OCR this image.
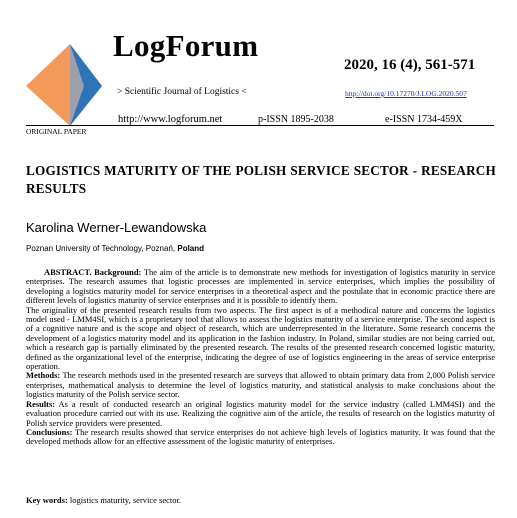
LogForum
> Scientific Journal of Logistics <
2020, 16 (4), 561-571
http://doi.org/10.17270/J.LOG.2020.507
http://www.logforum.net	p-ISSN 1895-2038	e-ISSN 1734-459X
ORIGINAL PAPER
LOGISTICS MATURITY OF THE POLISH SERVICE SECTOR - RESEARCH RESULTS
Karolina Werner-Lewandowska
Poznan University of Technology, Poznań, Poland

ABSTRACT. Background: The aim of the article is to demonstrate new methods for investigation of logistics maturity in service enterprises. The research assumes that logistic processes are implemented in service enterprises, which implies the possibility of developing a logistics maturity model for service enterprises in a theoretical aspect and the postulate that in economic practice there are different levels of logistics maturity of service enterprises and it is possible to identify them.

The originality of the presented research results from two aspects. The first aspect is of a methodical nature and concerns the logistics model used - LMM4SI, which is a proprietary tool that allows to assess the logistics maturity of a service enterprise. The second aspect is of a cognitive nature and is the scope and object of research, which are underrepresented in the literature. Some research concerns the development of a logistics maturity model and its application in the fashion industry. In Poland, similar studies are not being carried out, which a research gap is partially eliminated by the presented research. The results of the presented research concerned logistic maturity, defined as the organizational level of the enterprise, indicating the degree of use of logistics engineering in the areas of service enterprise operation.

Methods: The research methods used in the presented research are surveys that allowed to obtain primary data from 2,000 Polish service enterprises, mathematical analysis to determine the level of logistics maturity, and statistical analysis to make conclusions about the logistics maturity of the Polish service sector.

Results: As a result of conducted research an original logistics maturity model for the service industry (called LMM4SI) and the evaluation procedure carried out with its use. Realizing the cognitive aim of the article, the results of research on the logistics maturity of Polish service providers were presented.

Conclusions: The research results showed that service enterprises do not achieve high levels of logistics maturity. It was found that the developed methods allow for an effective assessment of the logistic maturity of enterprises.

Key words: logistics maturity, service sector.
